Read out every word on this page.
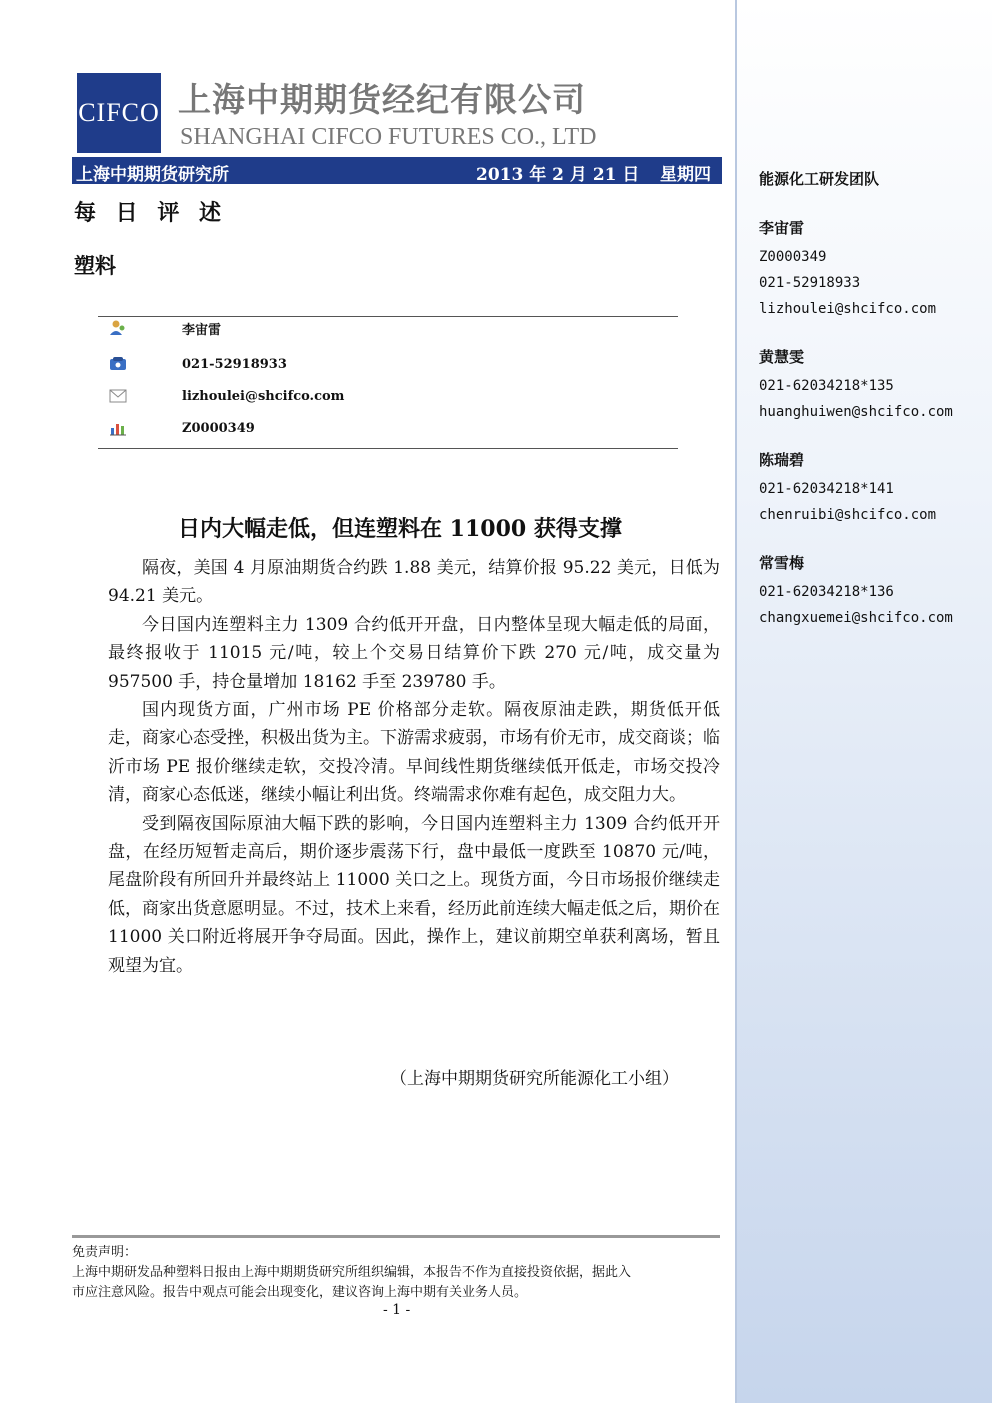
CIFCO 上海中期期货经纪有限公司
SHANGHAI CIFCO FUTURES CO., LTD
上海中期期货研究所	2013 年 2 月 21 日 星期四
每 日 评 述
塑料
李宙雷
021-52918933
lizhoulei@shcifco.com
Z0000349
日内大幅走低，但连塑料在 11000 获得支撑

隔夜，美国 4 月原油期货合约跌 1.88 美元，结算价报 95.22 美元，日低为 94.21 美元。

今日国内连塑料主力 1309 合约低开开盘，日内整体呈现大幅走低的局面，最终报收于 11015 元/吨，较上个交易日结算价下跌 270 元/吨，成交量为 957500 手，持仓量增加 18162 手至 239780 手。

国内现货方面，广州市场 PE 价格部分走软。隔夜原油走跌，期货低开低走，商家心态受挫，积极出货为主。下游需求疲弱，市场有价无市，成交商谈；临沂市场 PE 报价继续走软，交投冷清。早间线性期货继续低开低走，市场交投冷清，商家心态低迷，继续小幅让利出货。终端需求你难有起色，成交阻力大。

受到隔夜国际原油大幅下跌的影响，今日国内连塑料主力 1309 合约低开开盘，在经历短暂走高后，期价逐步震荡下行，盘中最低一度跌至 10870 元/吨，尾盘阶段有所回升并最终站上 11000 关口之上。现货方面，今日市场报价继续走低，商家出货意愿明显。不过，技术上来看，经历此前连续大幅走低之后，期价在 11000 关口附近将展开争夺局面。因此，操作上，建议前期空单获利离场，暂且观望为宜。

（上海中期期货研究所能源化工小组）
免责声明：
上海中期研发品种塑料日报由上海中期期货研究所组织编辑，本报告不作为直接投资依据，据此入
市应注意风险。报告中观点可能会出现变化，建议咨询上海中期有关业务人员。
- 1 -
能源化工研发团队
李宙雷
Z0000349
021-52918933
lizhoulei@shcifco.com
黄慧雯
021-62034218*135
huanghuiwen@shcifco.com
陈瑞碧
021-62034218*141
chenruibi@shcifco.com
常雪梅
021-62034218*136
changxuemei@shcifco.com
